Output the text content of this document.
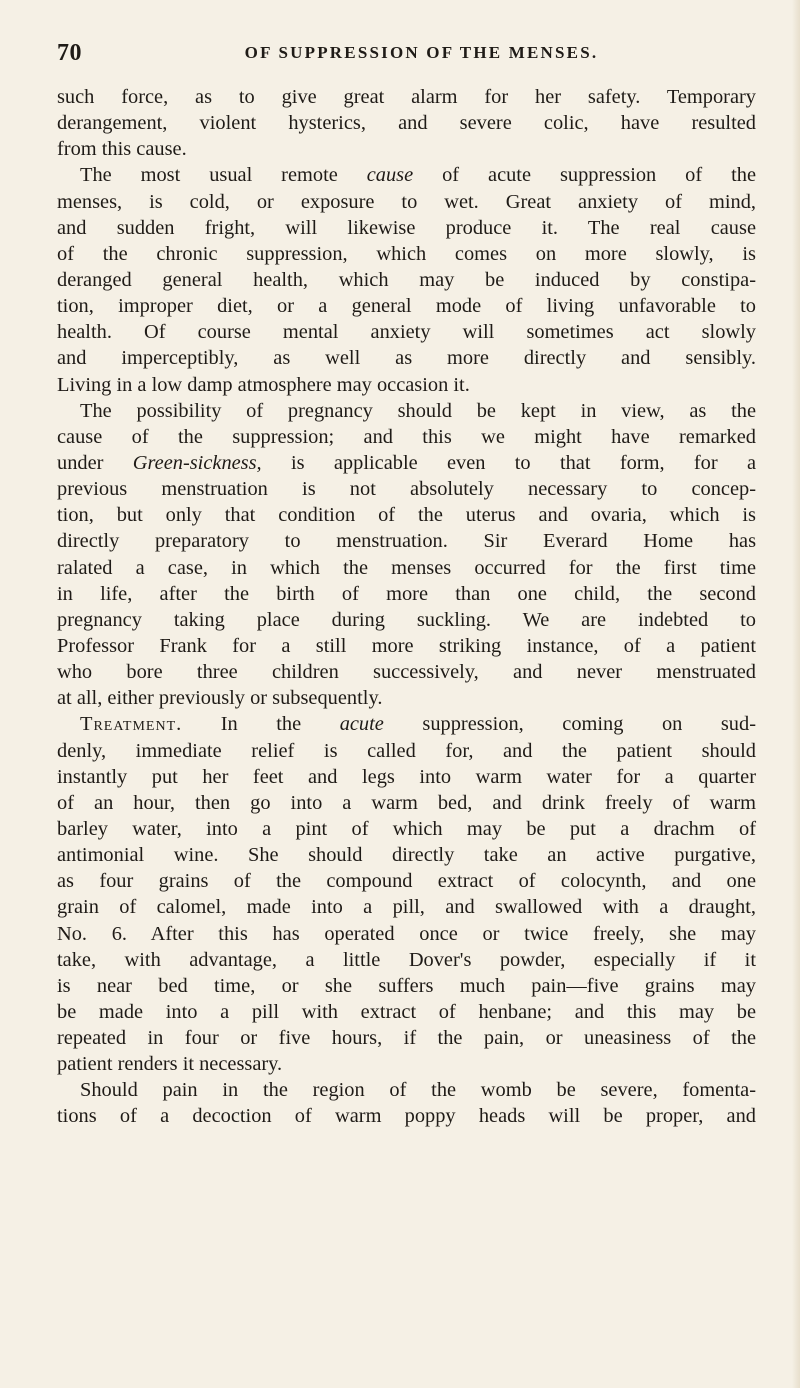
70	OF SUPPRESSION OF THE MENSES.
such force, as to give great alarm for her safety. Temporary
derangement, violent hysterics, and severe colic, have resulted
from this cause.
The most usual remote cause of acute suppression of the
menses, is cold, or exposure to wet. Great anxiety of mind,
and sudden fright, will likewise produce it. The real cause
of the chronic suppression, which comes on more slowly, is
deranged general health, which may be induced by constipa-
tion, improper diet, or a general mode of living unfavorable to
health. Of course mental anxiety will sometimes act slowly
and imperceptibly, as well as more directly and sensibly.
Living in a low damp atmosphere may occasion it.
The possibility of pregnancy should be kept in view, as the
cause of the suppression; and this we might have remarked
under Green-sickness, is applicable even to that form, for a
previous menstruation is not absolutely necessary to concep-
tion, but only that condition of the uterus and ovaria, which is
directly preparatory to menstruation. Sir Everard Home has
ralated a case, in which the menses occurred for the first time
in life, after the birth of more than one child, the second
pregnancy taking place during suckling. We are indebted to
Professor Frank for a still more striking instance, of a patient
who bore three children successively, and never menstruated
at all, either previously or subsequently.
Treatment. In the acute suppression, coming on sud-
denly, immediate relief is called for, and the patient should
instantly put her feet and legs into warm water for a quarter
of an hour, then go into a warm bed, and drink freely of warm
barley water, into a pint of which may be put a drachm of
antimonial wine. She should directly take an active purgative,
as four grains of the compound extract of colocynth, and one
grain of calomel, made into a pill, and swallowed with a draught,
No. 6. After this has operated once or twice freely, she may
take, with advantage, a little Dover's powder, especially if it
is near bed time, or she suffers much pain—five grains may
be made into a pill with extract of henbane; and this may be
repeated in four or five hours, if the pain, or uneasiness of the
patient renders it necessary.
Should pain in the region of the womb be severe, fomenta-
tions of a decoction of warm poppy heads will be proper, and
